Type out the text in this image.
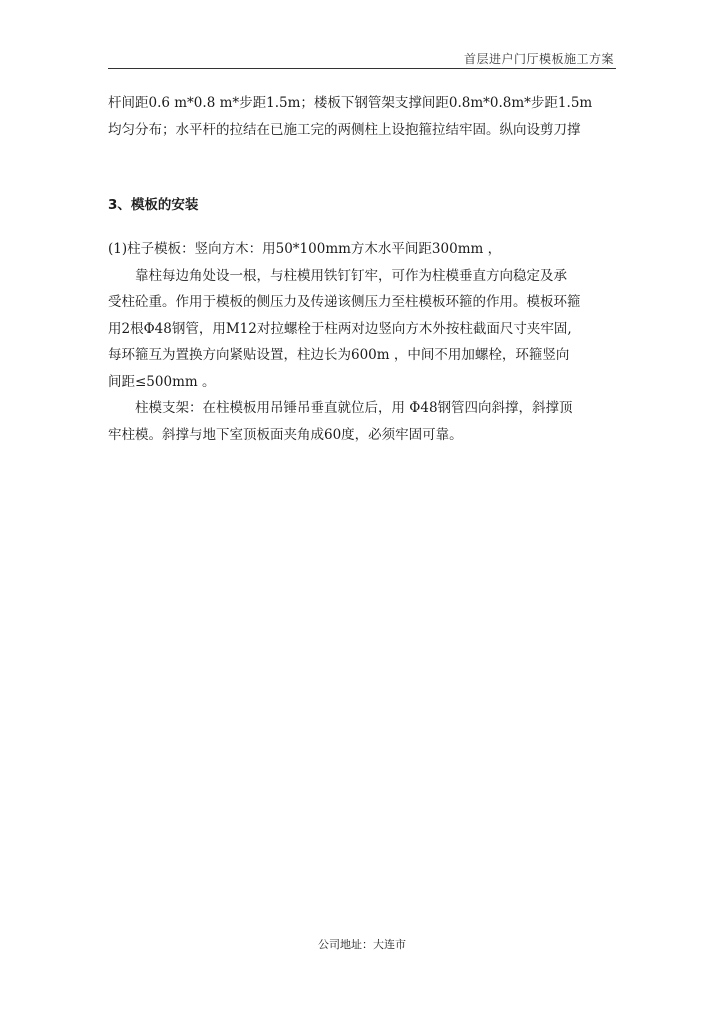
首层进户门厅模板施工方案
杆间距0.6 m*0.8 m*步距1.5m；楼板下钢管架支撑间距0.8m*0.8m*步距1.5m
均匀分布；水平杆的拉结在已施工完的两侧柱上设抱箍拉结牢固。纵向设剪刀撑
3、模板的安装
(1)柱子模板：竖向方木：用50*100mm方木水平间距300mm ，
靠柱每边角处设一根，与柱模用铁钉钉牢，可作为柱模垂直方向稳定及承
受柱砼重。作用于模板的侧压力及传递该侧压力至柱模板环箍的作用。模板环箍
用2根Φ48钢管，用M12对拉螺栓于柱两对边竖向方木外按柱截面尺寸夹牢固,
每环箍互为置换方向紧贴设置，柱边长为600m ，中间不用加螺栓，环箍竖向
间距≤500mm 。
柱模支架：在柱模板用吊锤吊垂直就位后，用 Φ48钢管四向斜撑，斜撑顶
牢柱模。斜撑与地下室顶板面夹角成60度，必须牢固可靠。
公司地址：大连市
